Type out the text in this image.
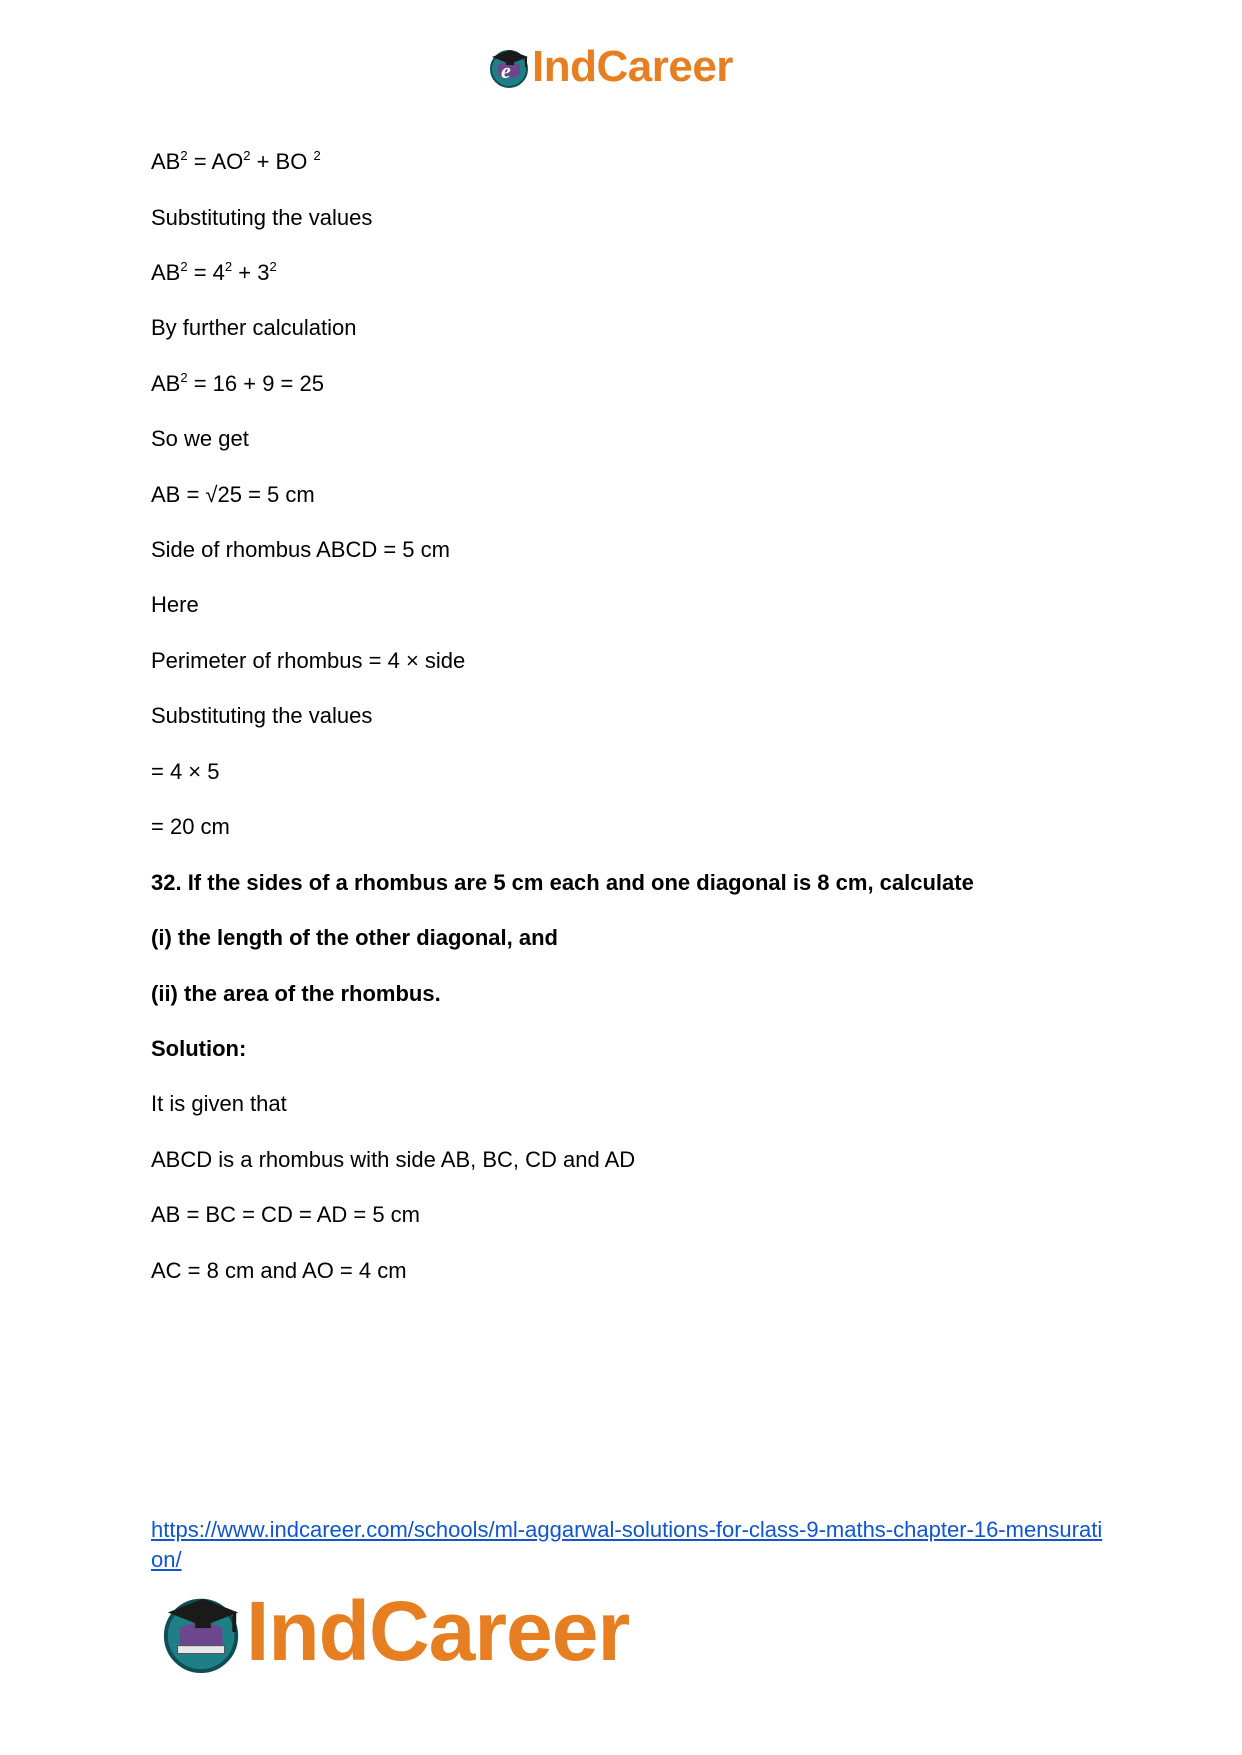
e IndCareer
$AB^2 = AO^2$ + BO $^2$
Substituting the values
$AB^2 = 4^2 + 3^2$
By further calculation
$AB^2 = 16 + 9 = 25$
So we get
AB = √25 = 5 cm
Side of rhombus ABCD = 5 cm
Here
Perimeter of rhombus = 4 × side
Substituting the values
= 4 × 5
= 20 cm
32. If the sides of a rhombus are 5 cm each and one diagonal is 8 cm, calculate
(i) the length of the other diagonal, and
(ii) the area of the rhombus.
Solution:
It is given that
ABCD is a rhombus with side AB, BC, CD and AD
AB = BC = CD = AD = 5 cm
AC = 8 cm and AO = 4 cm
https://www.indcareer.com/schools/ml-aggarwal-solutions-for-class-9-maths-chapter-16-mensuration/
IndCareer
